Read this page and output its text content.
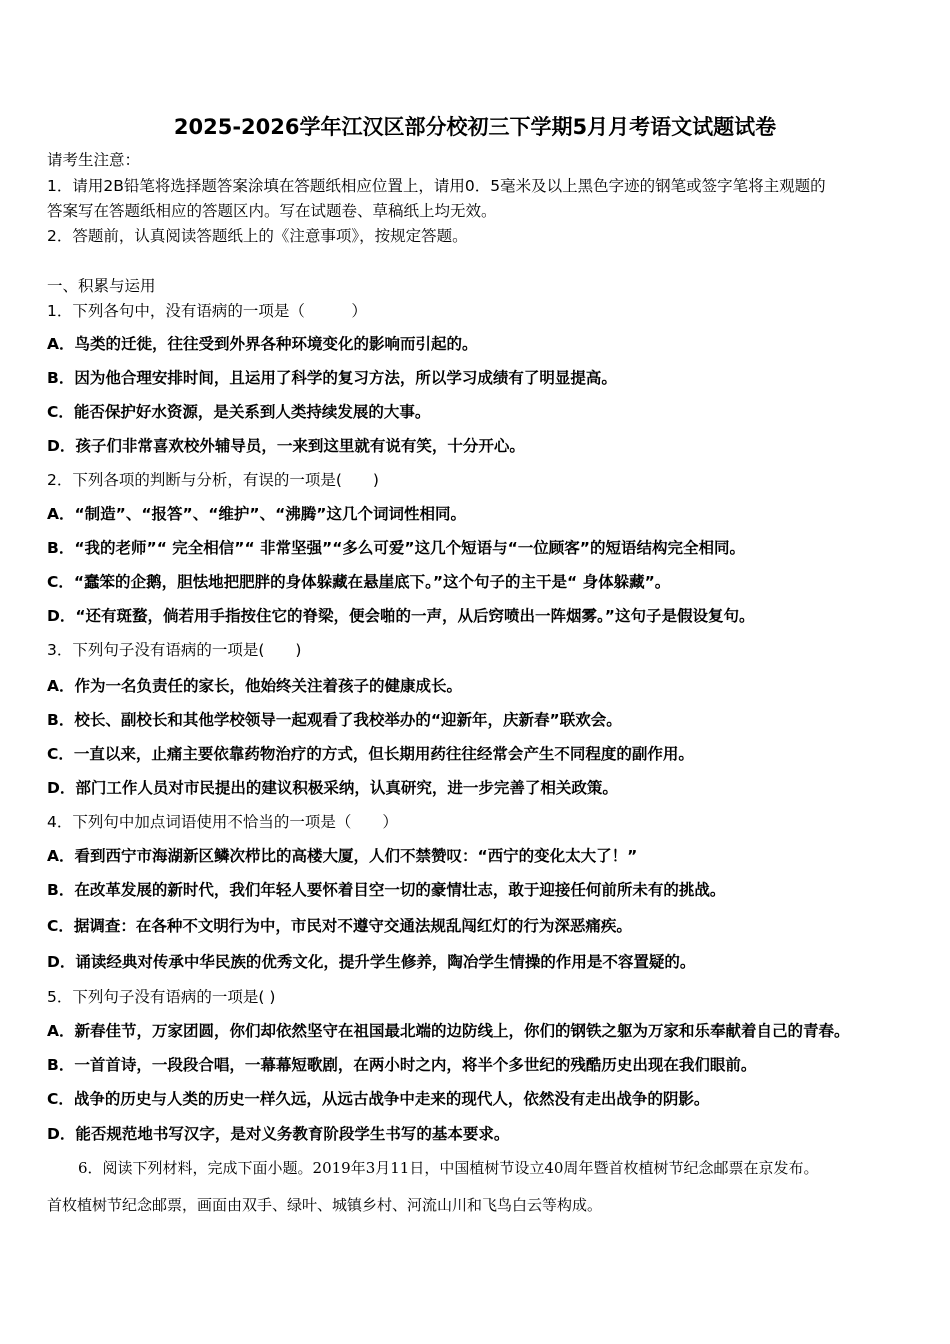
2025-2026学年江汉区部分校初三下学期5月月考语文试题试卷
请考生注意：
1．请用2B铅笔将选择题答案涂填在答题纸相应位置上，请用0．5毫米及以上黑色字迹的钢笔或签字笔将主观题的
答案写在答题纸相应的答题区内。写在试题卷、草稿纸上均无效。
2．答题前，认真阅读答题纸上的《注意事项》，按规定答题。
一、积累与运用
1．下列各句中，没有语病的一项是（　　　）
A．鸟类的迁徙，往往受到外界各种环境变化的影响而引起的。
B．因为他合理安排时间，且运用了科学的复习方法，所以学习成绩有了明显提高。
C．能否保护好水资源，是关系到人类持续发展的大事。
D．孩子们非常喜欢校外辅导员，一来到这里就有说有笑，十分开心。
2．下列各项的判断与分析，有误的一项是(　　)
A．“制造”、“报答”、“维护”、“沸腾”这几个词词性相同。
B．“我的老师”“ 完全相信”“ 非常坚强”“多么可爱”这几个短语与“一位顾客”的短语结构完全相同。
C．“蠢笨的企鹅，胆怯地把肥胖的身体躲藏在悬崖底下。”这个句子的主干是“ 身体躲藏”。
D．“还有斑蝥，倘若用手指按住它的脊梁，便会啪的一声，从后窍喷出一阵烟雾。”这句子是假设复句。
3．下列句子没有语病的一项是(　　)
A．作为一名负责任的家长，他始终关注着孩子的健康成长。
B．校长、副校长和其他学校领导一起观看了我校举办的“迎新年，庆新春”联欢会。
C．一直以来，止痛主要依靠药物治疗的方式，但长期用药往往经常会产生不同程度的副作用。
D．部门工作人员对市民提出的建议积极采纳，认真研究，进一步完善了相关政策。
4．下列句中加点词语使用不恰当的一项是（　　）
A．看到西宁市海湖新区鳞次栉比的高楼大厦，人们不禁赞叹：“西宁的变化太大了！”
B．在改革发展的新时代，我们年轻人要怀着目空一切的豪情壮志，敢于迎接任何前所未有的挑战。
C．据调查：在各种不文明行为中，市民对不遵守交通法规乱闯红灯的行为深恶痛疾。
D．诵读经典对传承中华民族的优秀文化，提升学生修养，陶冶学生情操的作用是不容置疑的。
5．下列句子没有语病的一项是( )
A．新春佳节，万家团圆，你们却依然坚守在祖国最北端的边防线上，你们的钢铁之躯为万家和乐奉献着自己的青春。
B．一首首诗，一段段合唱，一幕幕短歌剧，在两小时之内，将半个多世纪的残酷历史出现在我们眼前。
C．战争的历史与人类的历史一样久远，从远古战争中走来的现代人，依然没有走出战争的阴影。
D．能否规范地书写汉字，是对义务教育阶段学生书写的基本要求。
6．阅读下列材料，完成下面小题。2019年3月11日，中国植树节设立40周年暨首枚植树节纪念邮票在京发布。
首枚植树节纪念邮票，画面由双手、绿叶、城镇乡村、河流山川和飞鸟白云等构成。
